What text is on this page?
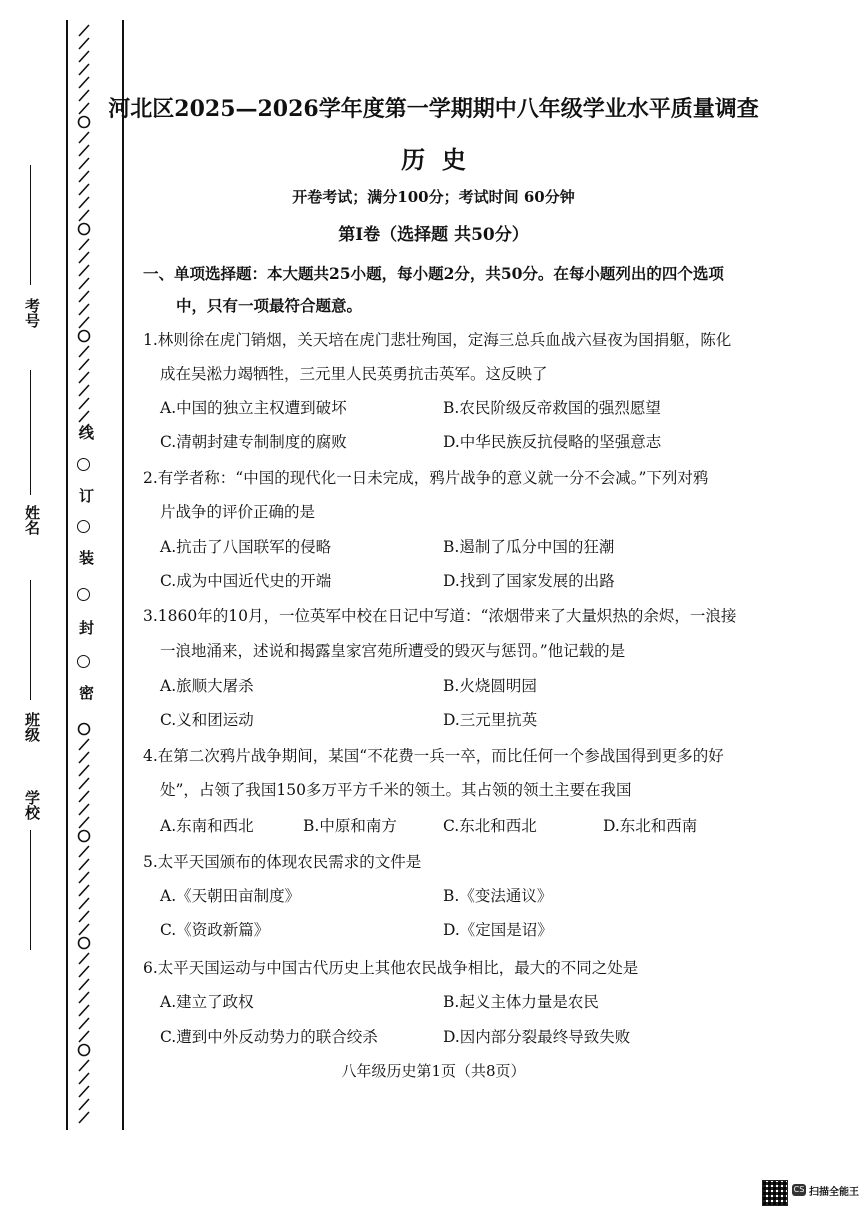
考号
姓名
班级
学校
线
订
装
封
密
河北区2025—2026学年度第一学期期中八年级学业水平质量调查
历  史
开卷考试；满分100分；考试时间 60分钟
第Ⅰ卷（选择题 共50分）
一、单项选择题：本大题共25小题，每小题2分，共50分。在每小题列出的四个选项
中，只有一项最符合题意。
1.林则徐在虎门销烟，关天培在虎门悲壮殉国，定海三总兵血战六昼夜为国捐躯，陈化
成在吴淞力竭牺牲，三元里人民英勇抗击英军。这反映了
A.中国的独立主权遭到破坏	B.农民阶级反帝救国的强烈愿望
C.清朝封建专制制度的腐败	D.中华民族反抗侵略的坚强意志
2.有学者称：“中国的现代化一日未完成，鸦片战争的意义就一分不会减。”下列对鸦
片战争的评价正确的是
A.抗击了八国联军的侵略	B.遏制了瓜分中国的狂潮
C.成为中国近代史的开端	D.找到了国家发展的出路
3.1860年的10月，一位英军中校在日记中写道：“浓烟带来了大量炽热的余烬，一浪接
一浪地涌来，述说和揭露皇家宫苑所遭受的毁灭与惩罚。”他记载的是
A.旅顺大屠杀	B.火烧圆明园
C.义和团运动	D.三元里抗英
4.在第二次鸦片战争期间，某国“不花费一兵一卒，而比任何一个参战国得到更多的好
处”，占领了我国150多万平方千米的领土。其占领的领土主要在我国
A.东南和西北	B.中原和南方	C.东北和西北	D.东北和西南
5.太平天国颁布的体现农民需求的文件是
A.《天朝田亩制度》	B.《变法通议》
C.《资政新篇》	D.《定国是诏》
6.太平天国运动与中国古代历史上其他农民战争相比，最大的不同之处是
A.建立了政权	B.起义主体力量是农民
C.遭到中外反动势力的联合绞杀	D.因内部分裂最终导致失败
八年级历史第1页（共8页）
CS 扫描全能王
